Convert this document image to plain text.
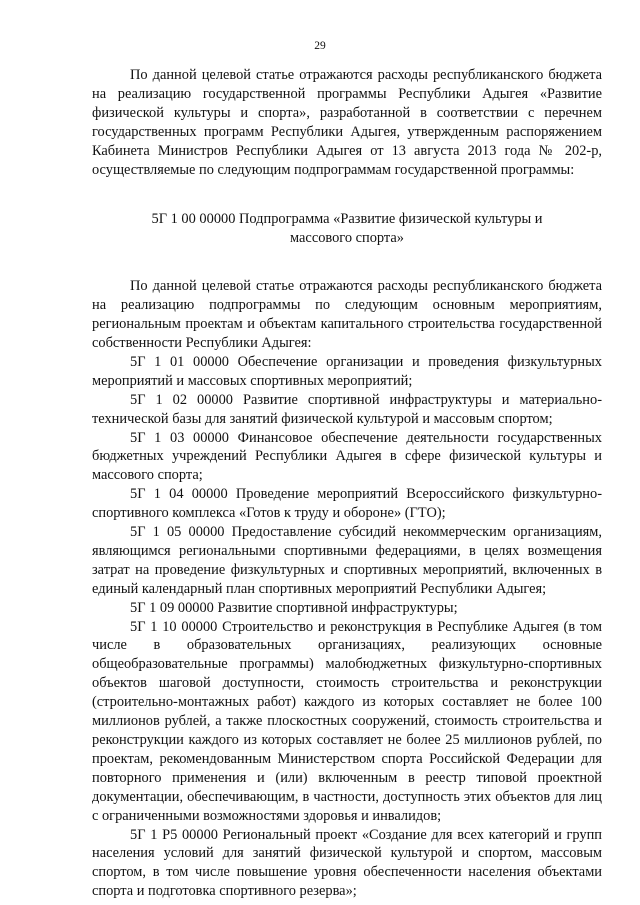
29

По данной целевой статье отражаются расходы республиканского бюджета на реализацию государственной программы Республики Адыгея «Развитие физической культуры и спорта», разработанной в соответствии с перечнем государственных программ Республики Адыгея, утвержденным распоряжением Кабинета Министров Республики Адыгея от 13 августа 2013 года № 202-р, осуществляемые по следующим подпрограммам государственной программы:

5Г 1 00 00000 Подпрограмма «Развитие физической культуры и массового спорта»

По данной целевой статье отражаются расходы республиканского бюджета на реализацию подпрограммы по следующим основным мероприятиям, региональным проектам и объектам капитального строительства государственной собственности Республики Адыгея:

5Г 1 01 00000 Обеспечение организации и проведения физкультурных мероприятий и массовых спортивных мероприятий;

5Г 1 02 00000 Развитие спортивной инфраструктуры и материально-технической базы для занятий физической культурой и массовым спортом;

5Г 1 03 00000 Финансовое обеспечение деятельности государственных бюджетных учреждений Республики Адыгея в сфере физической культуры и массового спорта;

5Г 1 04 00000 Проведение мероприятий Всероссийского физкультурно-спортивного комплекса «Готов к труду и обороне» (ГТО);

5Г 1 05 00000 Предоставление субсидий некоммерческим организациям, являющимся региональными спортивными федерациями, в целях возмещения затрат на проведение физкультурных и спортивных мероприятий, включенных в единый календарный план спортивных мероприятий Республики Адыгея;

5Г 1 09 00000 Развитие спортивной инфраструктуры;

5Г 1 10 00000 Строительство и реконструкция в Республике Адыгея (в том числе в образовательных организациях, реализующих основные общеобразовательные программы) малобюджетных физкультурно-спортивных объектов шаговой доступности, стоимость строительства и реконструкции (строительно-монтажных работ) каждого из которых составляет не более 100 миллионов рублей, а также плоскостных сооружений, стоимость строительства и реконструкции каждого из которых составляет не более 25 миллионов рублей, по проектам, рекомендованным Министерством спорта Российской Федерации для повторного применения и (или) включенным в реестр типовой проектной документации, обеспечивающим, в частности, доступность этих объектов для лиц с ограниченными возможностями здоровья и инвалидов;

5Г 1 P5 00000 Региональный проект «Создание для всех категорий и групп населения условий для занятий физической культурой и спортом, массовым спортом, в том числе повышение уровня обеспеченности населения объектами спорта и подготовка спортивного резерва»;
